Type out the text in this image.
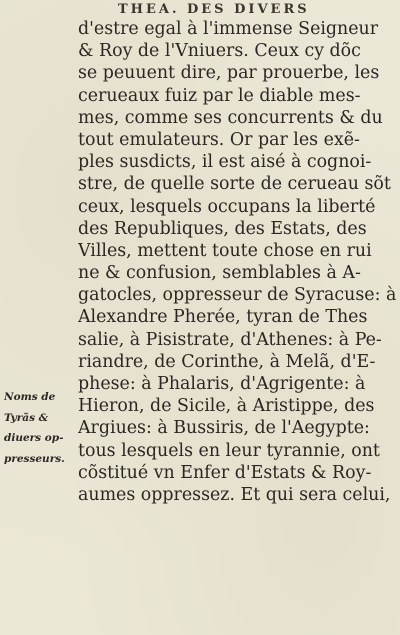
THEA. DES DIVERS
d'estre egal à l'immense Seigneur
& Roy de l'Vniuers. Ceux cy dõc
se peuuent dire, par prouerbe, les
cerueaux fuiz par le diable mes-
mes, comme ses concurrents & du
tout emulateurs. Or par les exẽ-
ples susdicts, il est aisé à cognoi-
stre, de quelle sorte de cerueau sõt
ceux, lesquels occupans la liberté
des Republiques, des Estats, des
Villes, mettent toute chose en rui
ne & confusion, semblables à A-
gatocles, oppresseur de Syracuse: à
Alexandre Pherée, tyran de Thes
salie, à Pisistrate, d'Athenes: à Pe-
riandre, de Corinthe, à Melã, d'E-
phese: à Phalaris, d'Agrigente: à
Hieron, de Sicile, à Aristippe, des
Argiues: à Bussiris, de l'Aegypte:
tous lesquels en leur tyrannie, ont
cõstitué vn Enfer d'Estats & Roy-
aumes oppressez. Et qui sera celui,
Noms de
Tyrãs &
diuers op-
presseurs.
